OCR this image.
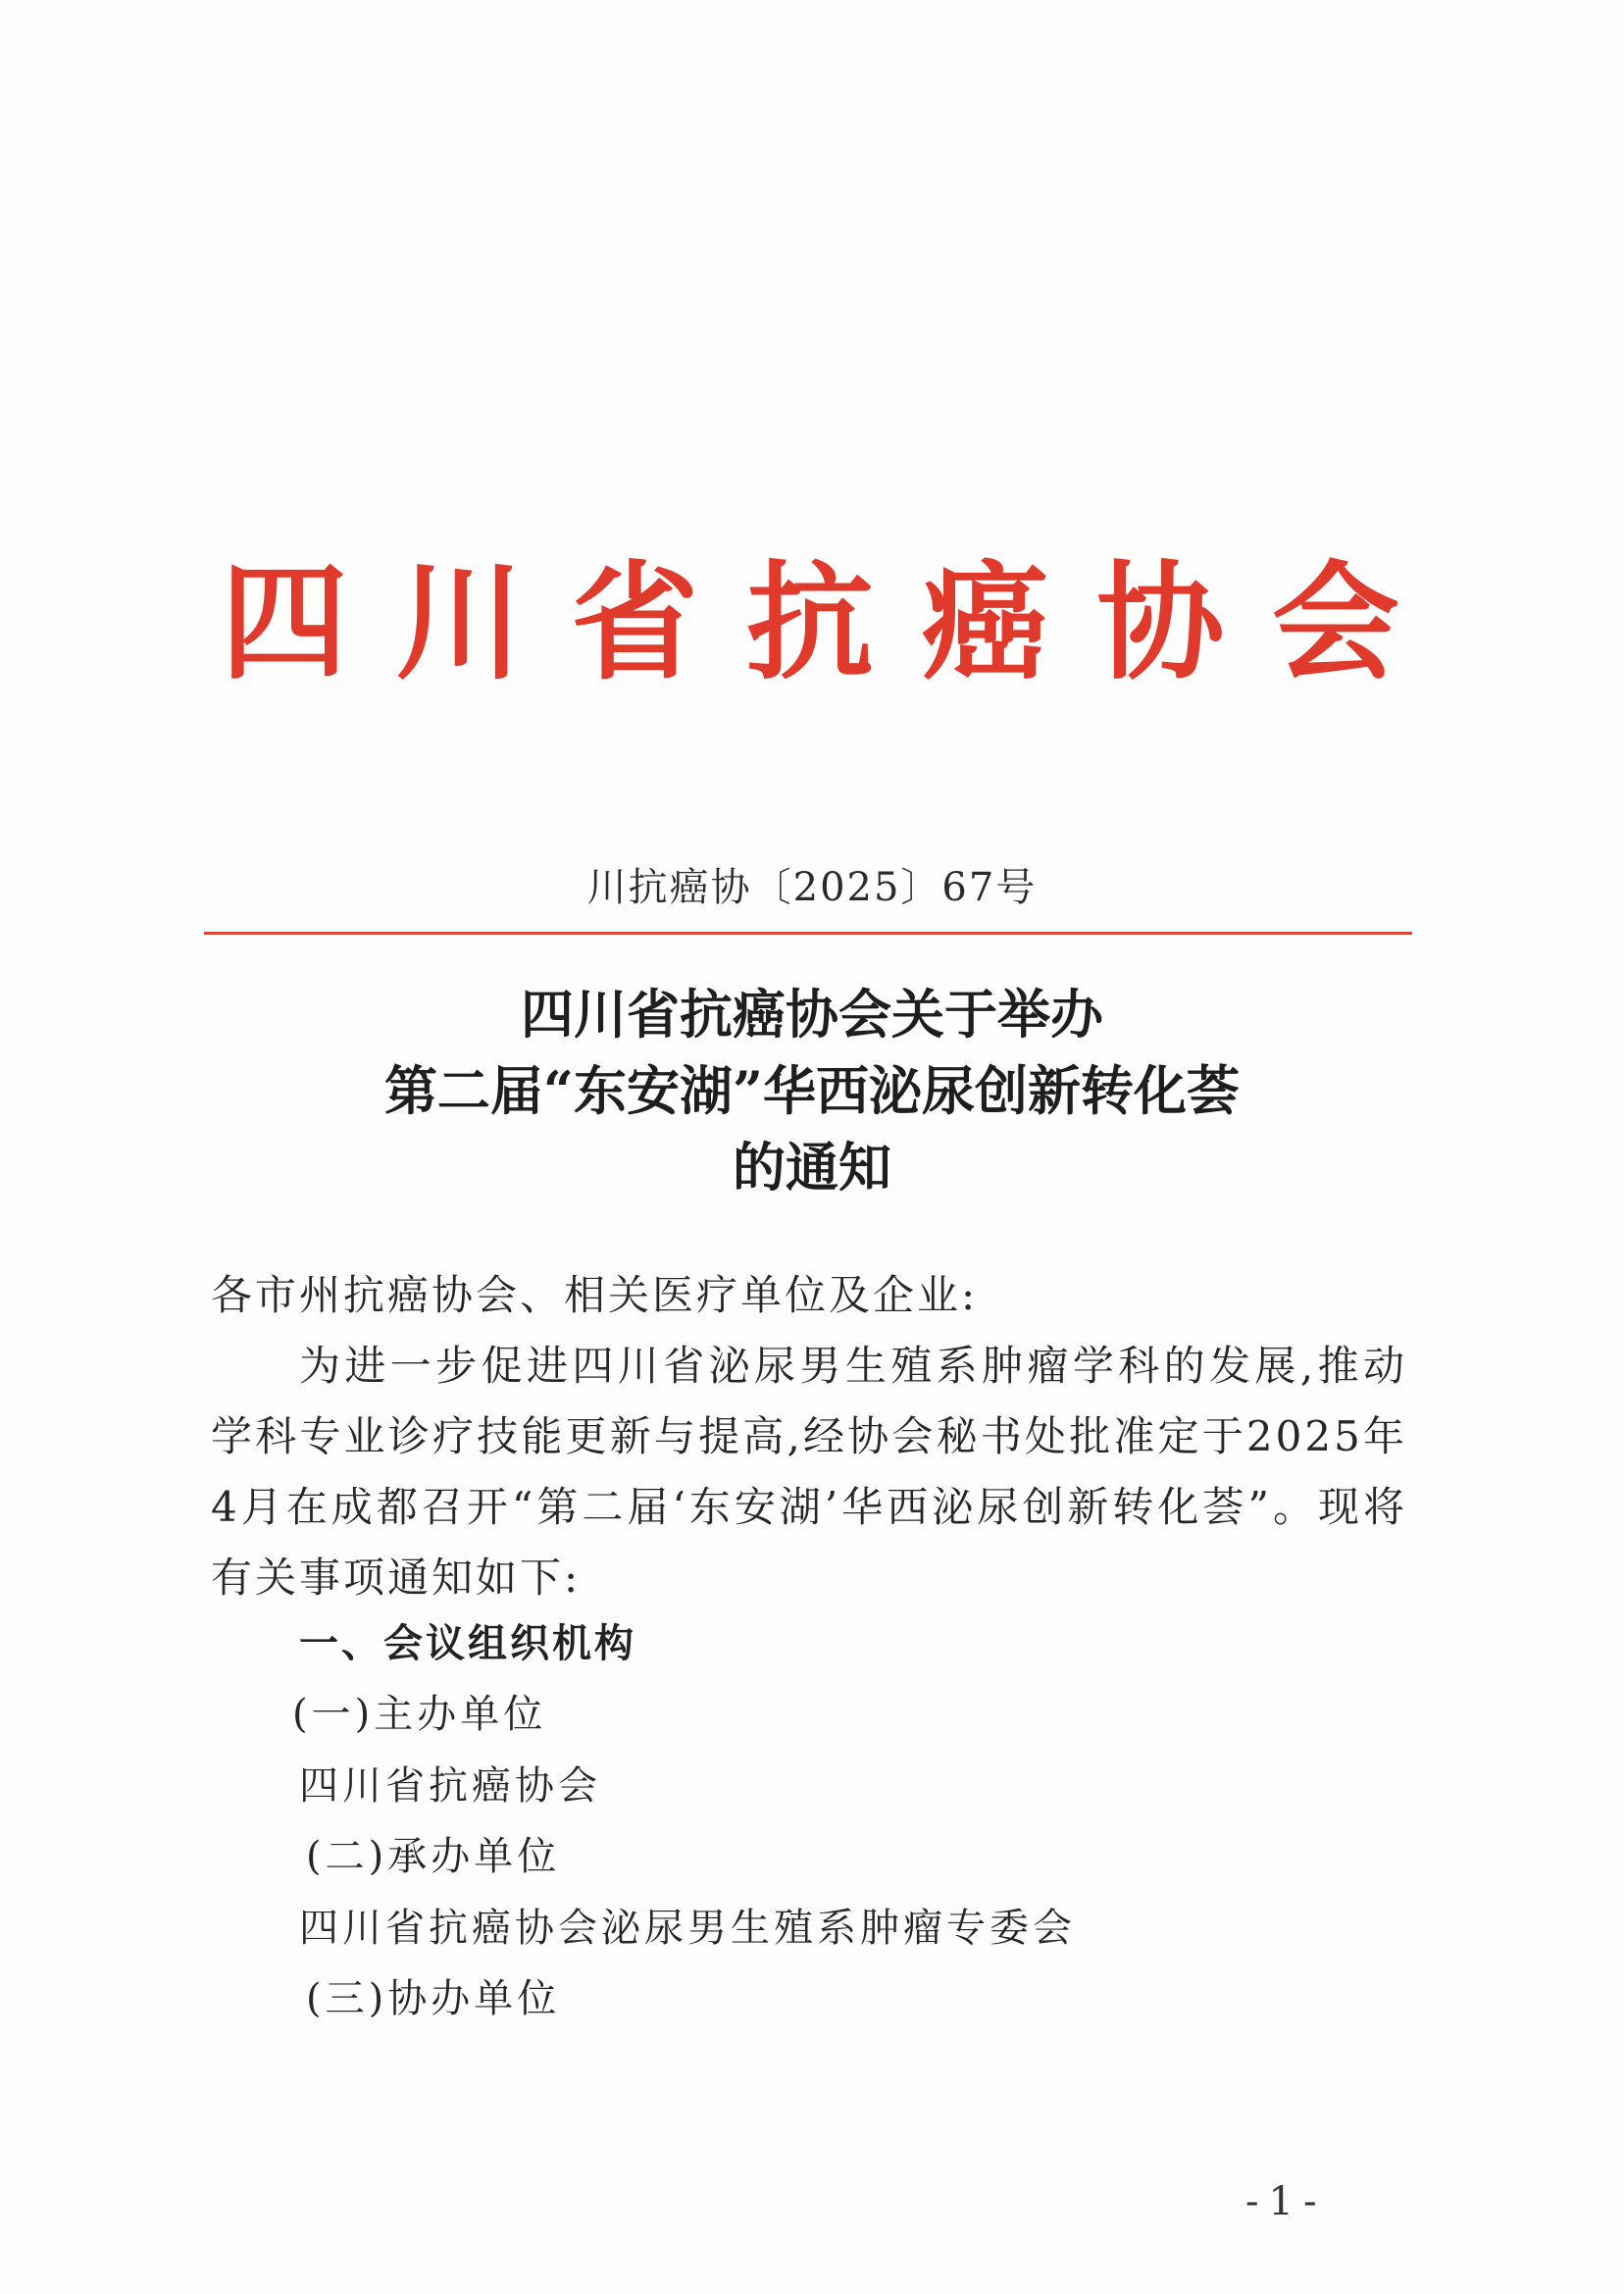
四川省抗癌协会
川抗癌协〔2025〕67号
四川省抗癌协会关于举办
第二届“东安湖”华西泌尿创新转化荟
的通知
各市州抗癌协会、相关医疗单位及企业:
为进一步促进四川省泌尿男生殖系肿瘤学科的发展,推动学科专业诊疗技能更新与提高,经协会秘书处批准定于2025年4月在成都召开“第二届‘东安湖’华西泌尿创新转化荟”。现将有关事项通知如下:
一、会议组织机构
(一)主办单位
四川省抗癌协会
(二)承办单位
四川省抗癌协会泌尿男生殖系肿瘤专委会
(三)协办单位
-1-
